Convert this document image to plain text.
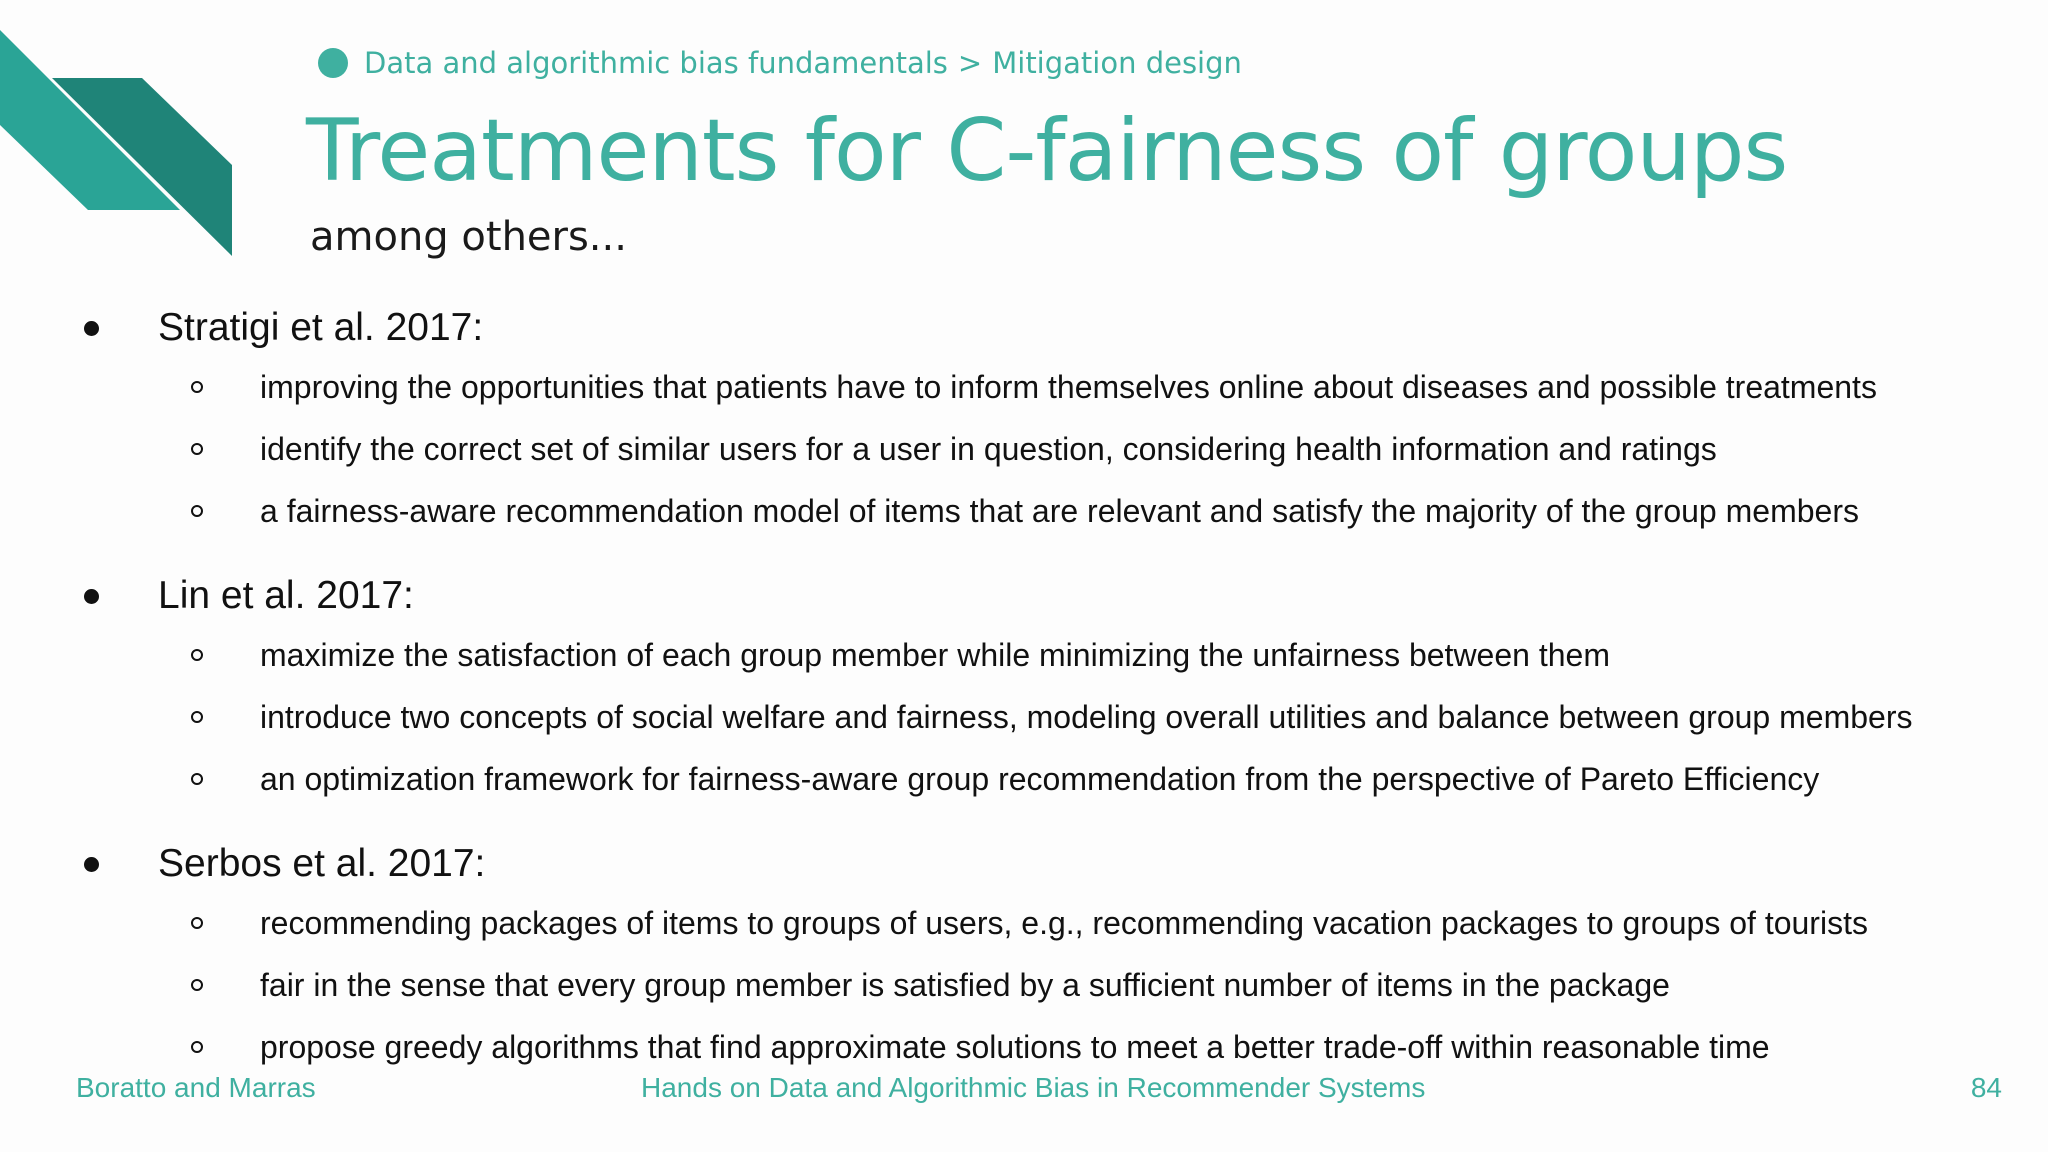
Data and algorithmic bias fundamentals > Mitigation design
Treatments for C-fairness of groups
among others...
Stratigi et al. 2017:
improving the opportunities that patients have to inform themselves online about diseases and possible treatments
identify the correct set of similar users for a user in question, considering health information and ratings
a fairness-aware recommendation model of items that are relevant and satisfy the majority of the group members
Lin et al. 2017:
maximize the satisfaction of each group member while minimizing the unfairness between them
introduce two concepts of social welfare and fairness, modeling overall utilities and balance between group members
an optimization framework for fairness-aware group recommendation from the perspective of Pareto Efficiency
Serbos et al. 2017:
recommending packages of items to groups of users, e.g., recommending vacation packages to groups of tourists
fair in the sense that every group member is satisfied by a sufficient number of items in the package
propose greedy algorithms that find approximate solutions to meet a better trade-off within reasonable time
Boratto and Marras	Hands on Data and Algorithmic Bias in Recommender Systems	84
